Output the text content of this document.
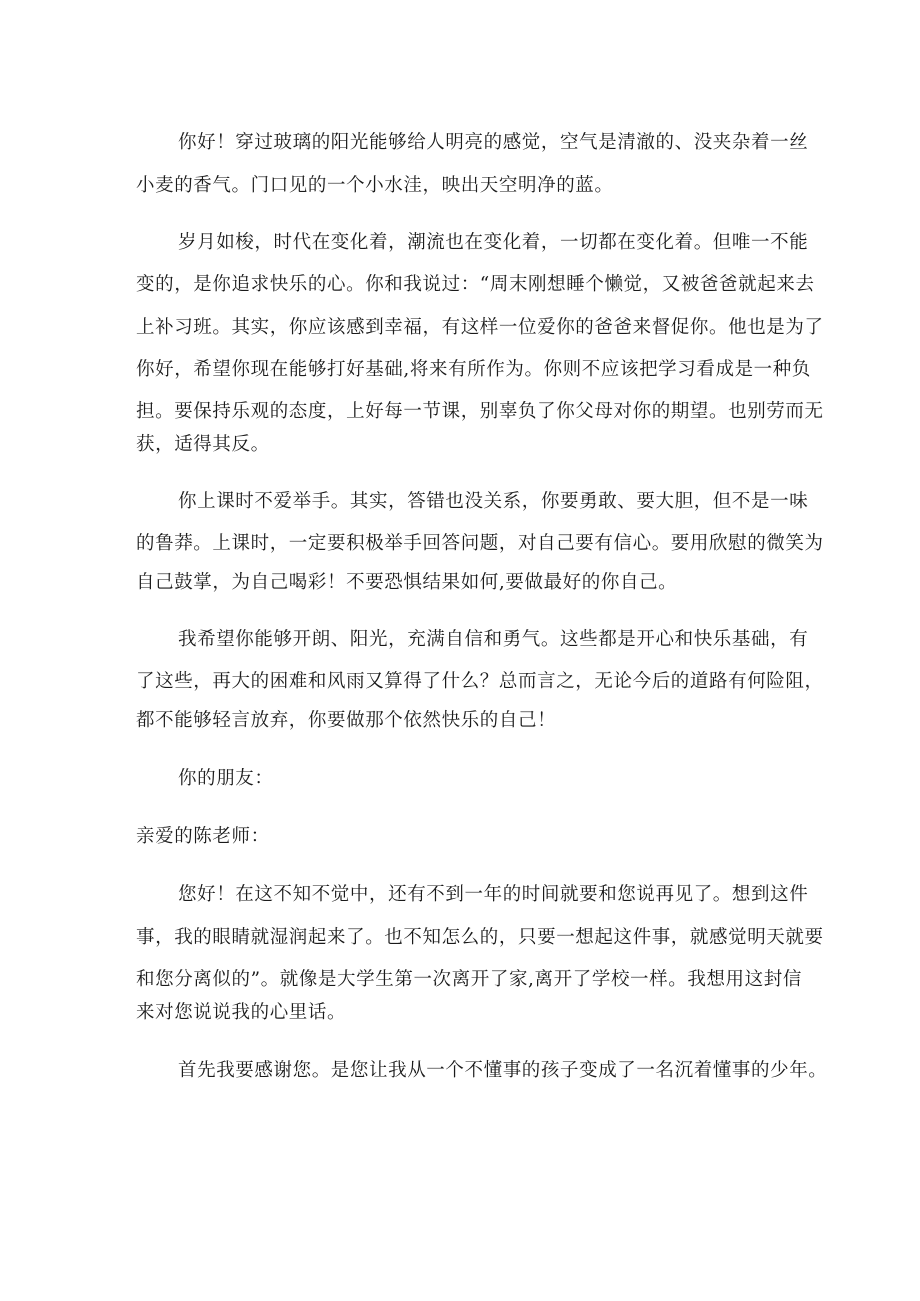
你好！穿过玻璃的阳光能够给人明亮的感觉，空气是清澈的、没夹杂着一丝
小麦的香气。门口见的一个小水洼，映出天空明净的蓝。
岁月如梭，时代在变化着，潮流也在变化着，一切都在变化着。但唯一不能
变的，是你追求快乐的心。你和我说过：“周末刚想睡个懒觉，又被爸爸就起来去
上补习班。其实，你应该感到幸福，有这样一位爱你的爸爸来督促你。他也是为了
你好，希望你现在能够打好基础,将来有所作为。你则不应该把学习看成是一种负
担。要保持乐观的态度，上好每一节课，别辜负了你父母对你的期望。也别劳而无
获，适得其反。
你上课时不爱举手。其实，答错也没关系，你要勇敢、要大胆，但不是一味
的鲁莽。上课时，一定要积极举手回答问题，对自己要有信心。要用欣慰的微笑为
自己鼓掌，为自己喝彩！不要恐惧结果如何,要做最好的你自己。
我希望你能够开朗、阳光，充满自信和勇气。这些都是开心和快乐基础，有
了这些，再大的困难和风雨又算得了什么？总而言之，无论今后的道路有何险阻，
都不能够轻言放弃，你要做那个依然快乐的自己！
你的朋友：
亲爱的陈老师：
您好！在这不知不觉中，还有不到一年的时间就要和您说再见了。想到这件
事，我的眼睛就湿润起来了。也不知怎么的，只要一想起这件事，就感觉明天就要
和您分离似的”。就像是大学生第一次离开了家,离开了学校一样。我想用这封信
来对您说说我的心里话。
首先我要感谢您。是您让我从一个不懂事的孩子变成了一名沉着懂事的少年。
